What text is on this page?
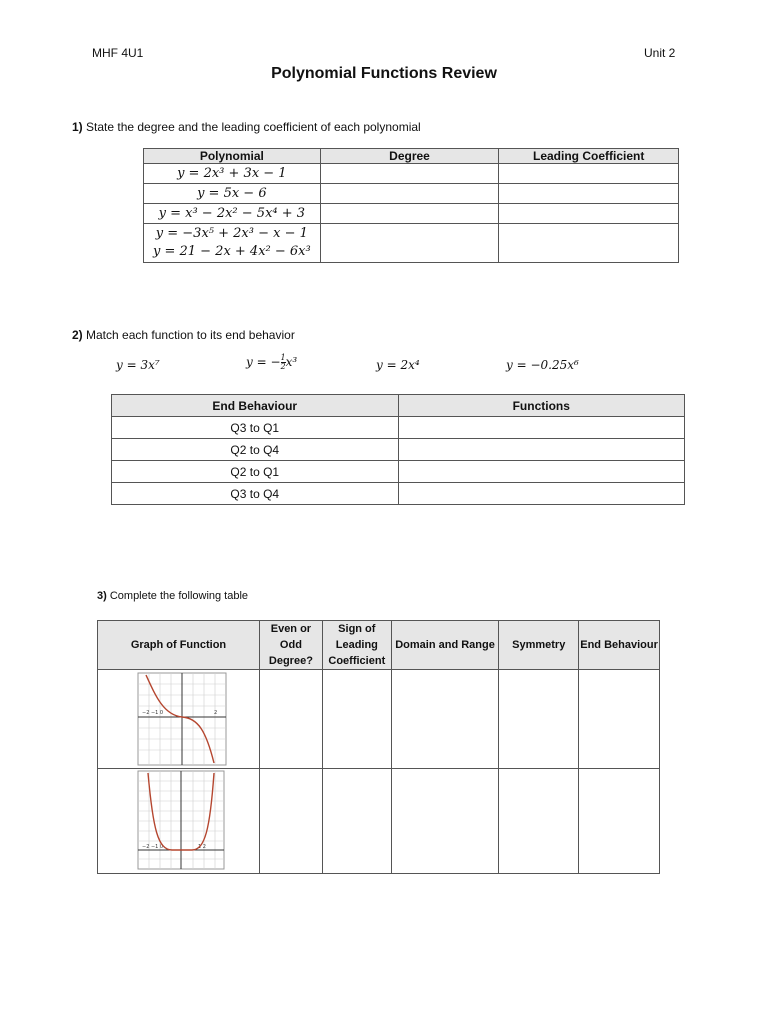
MHF 4U1	Unit 2
Polynomial Functions Review
1) State the degree and the leading coefficient of each polynomial
Polynomial	Degree	Leading Coefficient
y = 2x³ + 3x − 1		
y = 5x − 6		
y = x³ − 2x² − 5x⁴ + 3		

y = −3x⁵ + 2x³ − x − 1
y = 21 − 2x + 4x² − 6x³		

2) Match each function to its end behavior
y = 3x⁷	y = − $\frac{1}{2} x^3$	y = 2x⁴	y = −0.25x⁶
End Behaviour	Functions
Q3 to Q1	
Q2 to Q4	
Q2 to Q1	
Q3 to Q4	
3) Complete the following table
Graph of Function	Even or Odd Degree?	Sign of Leading Coefficient	Domain and Range	Symmetry	End Behaviour

−2 −1 0 2					

−2 −1 0 1 2					
